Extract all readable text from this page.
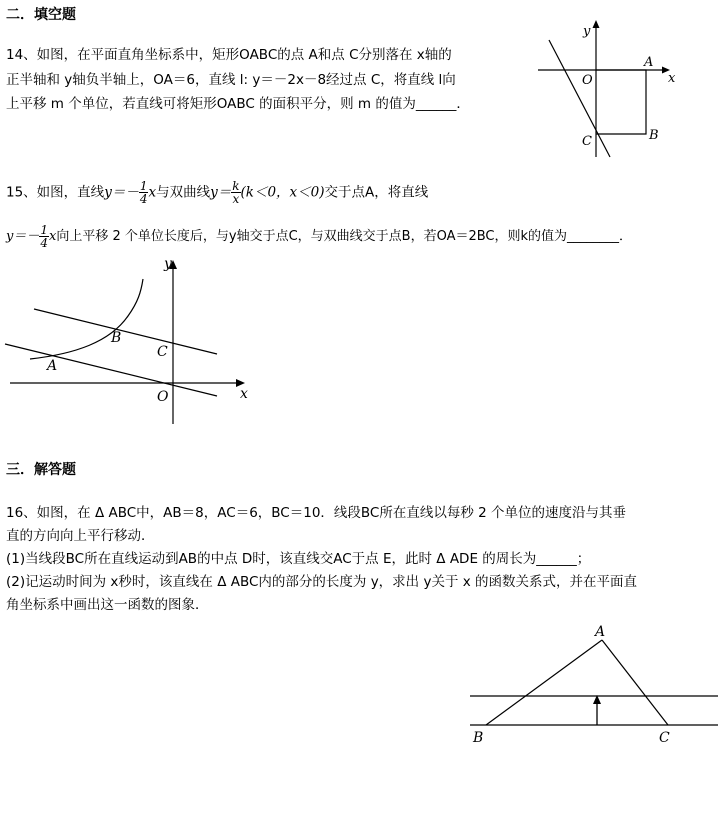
二．填空题
14、如图，在平面直角坐标系中，矩形OABC的点 A和点 C分别落在 x轴的
正半轴和 y轴负半轴上，OA＝6，直线 l: y＝－2x－8经过点 C，将直线 l向
上平移 m 个单位，若直线可将矩形OABC 的面积平分，则 m 的值为______．
y
x
O
A
B
C
15、如图，直线$y=- \frac{1}{4}$ x与双曲线$y= \frac{k}{x} (k<0$，x＜0)交于点A，将直线
$y=- \frac{1}{4}$ x向上平移 2 个单位长度后，与y轴交于点C，与双曲线交于点B，若OA＝2BC，则k的值为________．
y
x
O
A
B
C
三．解答题
16、如图，在 Δ ABC中，AB＝8，AC＝6，BC＝10．线段BC所在直线以每秒 2 个单位的速度沿与其垂
直的方向向上平行移动．
(1)当线段BC所在直线运动到AB的中点 D时，该直线交AC于点 E，此时 Δ ADE 的周长为______；
(2)记运动时间为 x秒时，该直线在 Δ ABC内的部分的长度为 y，求出 y关于 x 的函数关系式，并在平面直
角坐标系中画出这一函数的图象．
A
B	C
